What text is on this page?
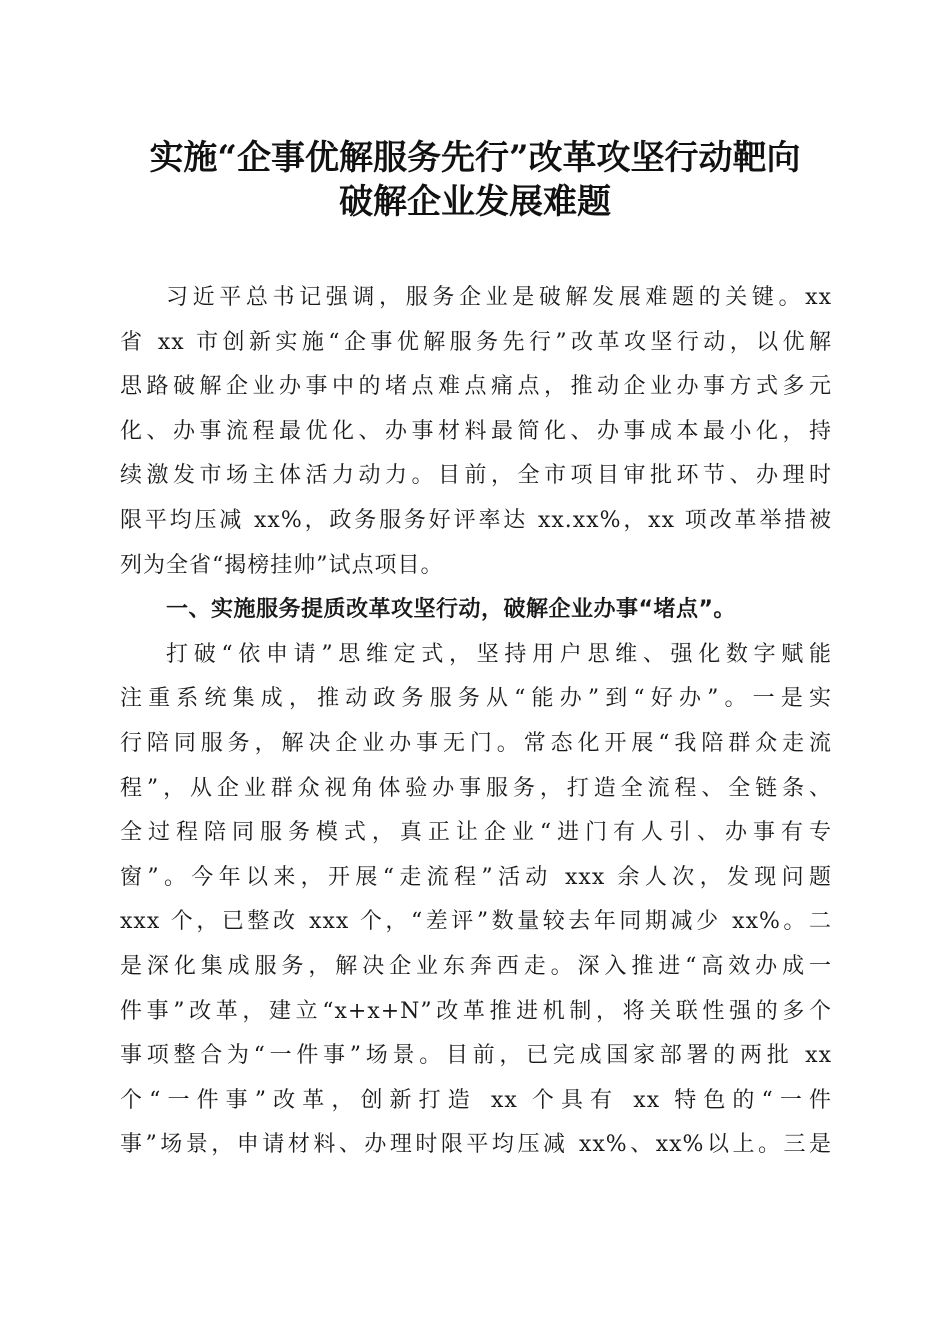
实施“企事优解服务先行”改革攻坚行动靶向
破解企业发展难题
习近平总书记强调，服务企业是破解发展难题的关键。xx
省 xx 市创新实施“企事优解服务先行”改革攻坚行动，以优解
思路破解企业办事中的堵点难点痛点，推动企业办事方式多元
化、办事流程最优化、办事材料最简化、办事成本最小化，持
续激发市场主体活力动力。目前，全市项目审批环节、办理时
限平均压减 xx%，政务服务好评率达 xx.xx%，xx 项改革举措被
列为全省“揭榜挂帅”试点项目。
一、实施服务提质改革攻坚行动，破解企业办事“堵点”。
打破“依申请”思维定式，坚持用户思维、强化数字赋能
注重系统集成，推动政务服务从“能办”到“好办”。一是实
行陪同服务，解决企业办事无门。常态化开展“我陪群众走流
程”，从企业群众视角体验办事服务，打造全流程、全链条、
全过程陪同服务模式，真正让企业“进门有人引、办事有专
窗”。今年以来，开展“走流程”活动 xxx 余人次，发现问题
xxx 个，已整改 xxx 个，“差评”数量较去年同期减少 xx%。二
是深化集成服务，解决企业东奔西走。深入推进“高效办成一
件事”改革，建立“x+x+N”改革推进机制，将关联性强的多个
事项整合为“一件事”场景。目前，已完成国家部署的两批 xx
个“一件事”改革，创新打造 xx 个具有 xx 特色的“一件
事”场景，申请材料、办理时限平均压减 xx%、xx%以上。三是
